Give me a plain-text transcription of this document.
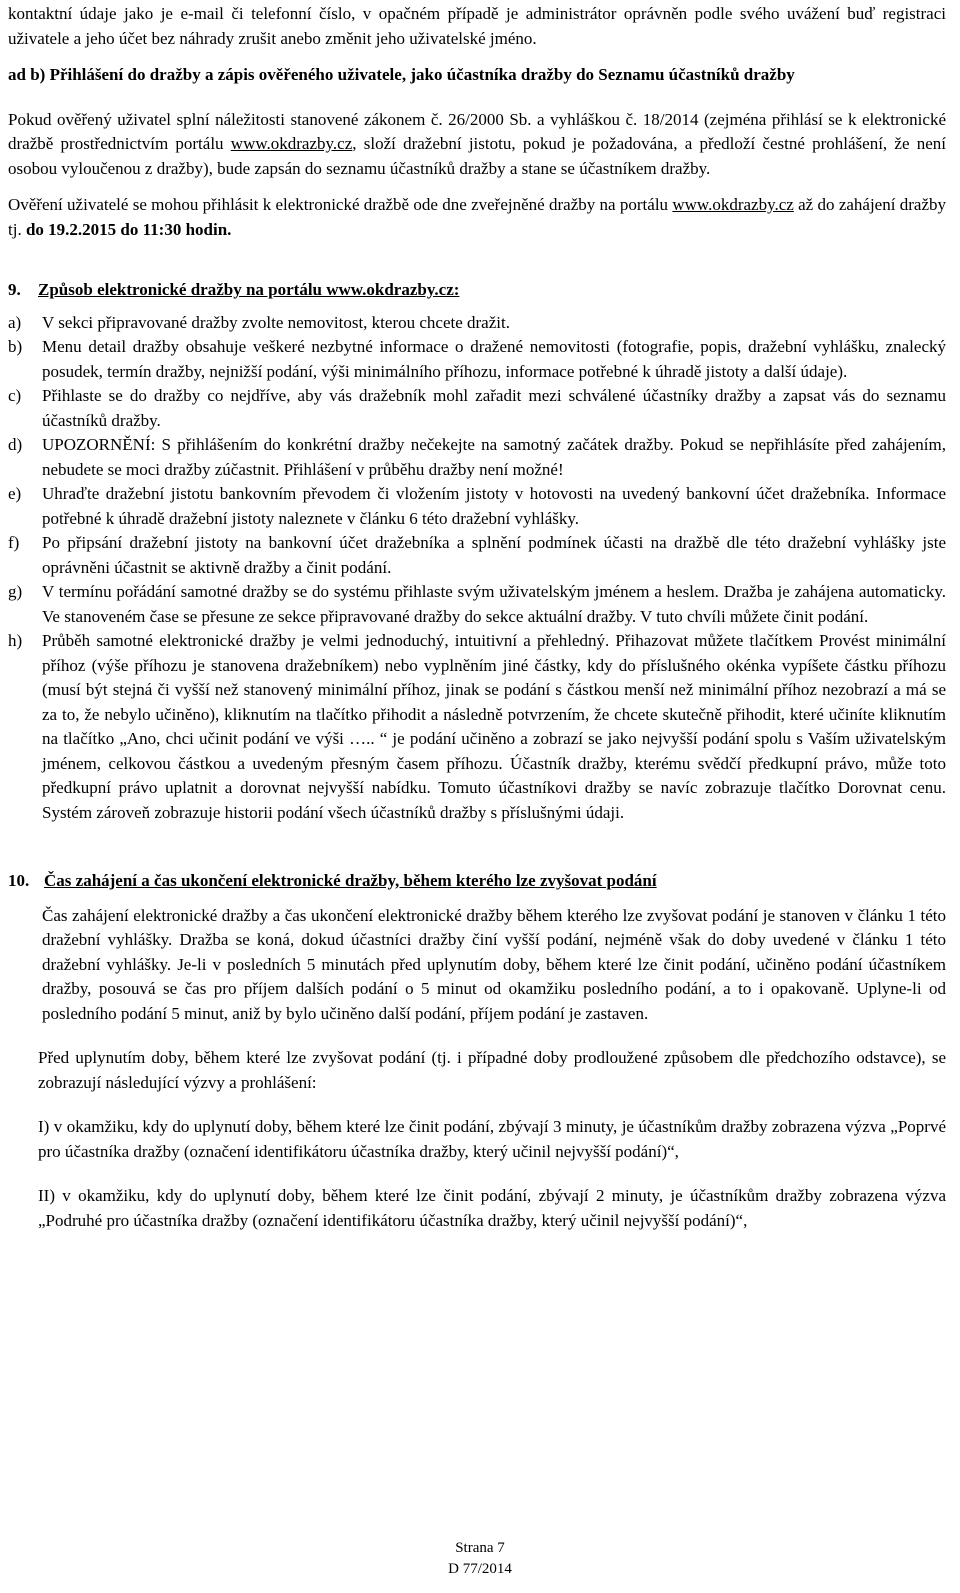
kontaktní údaje jako je e-mail či telefonní číslo, v opačném případě je administrátor oprávněn podle svého uvážení buď registraci uživatele a jeho účet bez náhrady zrušit anebo změnit jeho uživatelské jméno.

ad b) Přihlášení do dražby a zápis ověřeného uživatele, jako účastníka dražby do Seznamu účastníků dražby

Pokud ověřený uživatel splní náležitosti stanovené zákonem č. 26/2000 Sb. a vyhláškou č. 18/2014 (zejména přihlásí se k elektronické dražbě prostřednictvím portálu www.okdrazby.cz, složí dražební jistotu, pokud je požadována, a předloží čestné prohlášení, že není osobou vyloučenou z dražby), bude zapsán do seznamu účastníků dražby a stane se účastníkem dražby.

Ověření uživatelé se mohou přihlásit k elektronické dražbě ode dne zveřejněné dražby na portálu www.okdrazby.cz až do zahájení dražby tj. do 19.2.2015 do 11:30 hodin.

9.	Způsob elektronické dražby na portálu www.okdrazby.cz:
a)	V sekci připravované dražby zvolte nemovitost, kterou chcete dražit.
b)	Menu detail dražby obsahuje veškeré nezbytné informace o dražené nemovitosti (fotografie, popis, dražební vyhlášku, znalecký posudek, termín dražby, nejnižší podání, výši minimálního příhozu, informace potřebné k úhradě jistoty a další údaje).
c)	Přihlaste se do dražby co nejdříve, aby vás dražebník mohl zařadit mezi schválené účastníky dražby a zapsat vás do seznamu účastníků dražby.
d)	UPOZORNĚNÍ: S přihlášením do konkrétní dražby nečekejte na samotný začátek dražby. Pokud se nepřihlásíte před zahájením, nebudete se moci dražby zúčastnit. Přihlášení v průběhu dražby není možné!
e)	Uhraďte dražební jistotu bankovním převodem či vložením jistoty v hotovosti na uvedený bankovní účet dražebníka. Informace potřebné k úhradě dražební jistoty naleznete v článku 6 této dražební vyhlášky.
f)	Po připsání dražební jistoty na bankovní účet dražebníka a splnění podmínek účasti na dražbě dle této dražební vyhlášky jste oprávněni účastnit se aktivně dražby a činit podání.
g)	V termínu pořádání samotné dražby se do systému přihlaste svým uživatelským jménem a heslem. Dražba je zahájena automaticky. Ve stanoveném čase se přesune ze sekce připravované dražby do sekce aktuální dražby. V tuto chvíli můžete činit podání.
h)	Průběh samotné elektronické dražby je velmi jednoduchý, intuitivní a přehledný. Přihazovat můžete tlačítkem Provést minimální příhoz (výše příhozu je stanovena dražebníkem) nebo vyplněním jiné částky, kdy do příslušného okénka vypíšete částku příhozu (musí být stejná či vyšší než stanovený minimální příhoz, jinak se podání s částkou menší než minimální příhoz nezobrazí a má se za to, že nebylo učiněno), kliknutím na tlačítko přihodit a následně potvrzením, že chcete skutečně přihodit, které učiníte kliknutím na tlačítko „Ano, chci učinit podání ve výši ….. “ je podání učiněno a zobrazí se jako nejvyšší podání spolu s Vaším uživatelským jménem, celkovou částkou a uvedeným přesným časem příhozu. Účastník dražby, kterému svědčí předkupní právo, může toto předkupní právo uplatnit a dorovnat nejvyšší nabídku. Tomuto účastníkovi dražby se navíc zobrazuje tlačítko Dorovnat cenu. Systém zároveň zobrazuje historii podání všech účastníků dražby s příslušnými údaji.
10. Čas zahájení a čas ukončení elektronické dražby, během kterého lze zvyšovat podání

Čas zahájení elektronické dražby a čas ukončení elektronické dražby během kterého lze zvyšovat podání je stanoven v článku 1 této dražební vyhlášky. Dražba se koná, dokud účastníci dražby činí vyšší podání, nejméně však do doby uvedené v článku 1 této dražební vyhlášky. Je-li v posledních 5 minutách před uplynutím doby, během které lze činit podání, učiněno podání účastníkem dražby, posouvá se čas pro příjem dalších podání o 5 minut od okamžiku posledního podání, a to i opakovaně. Uplyne-li od posledního podání 5 minut, aniž by bylo učiněno další podání, příjem podání je zastaven.

Před uplynutím doby, během které lze zvyšovat podání (tj. i případné doby prodloužené způsobem dle předchozího odstavce), se zobrazují následující výzvy a prohlášení:

I) v okamžiku, kdy do uplynutí doby, během které lze činit podání, zbývají 3 minuty, je účastníkům dražby zobrazena výzva „Poprvé pro účastníka dražby (označení identifikátoru účastníka dražby, který učinil nejvyšší podání)“,

II) v okamžiku, kdy do uplynutí doby, během které lze činit podání, zbývají 2 minuty, je účastníkům dražby zobrazena výzva „Podruhé pro účastníka dražby (označení identifikátoru účastníka dražby, který učinil nejvyšší podání)“,

Strana 7
D 77/2014
